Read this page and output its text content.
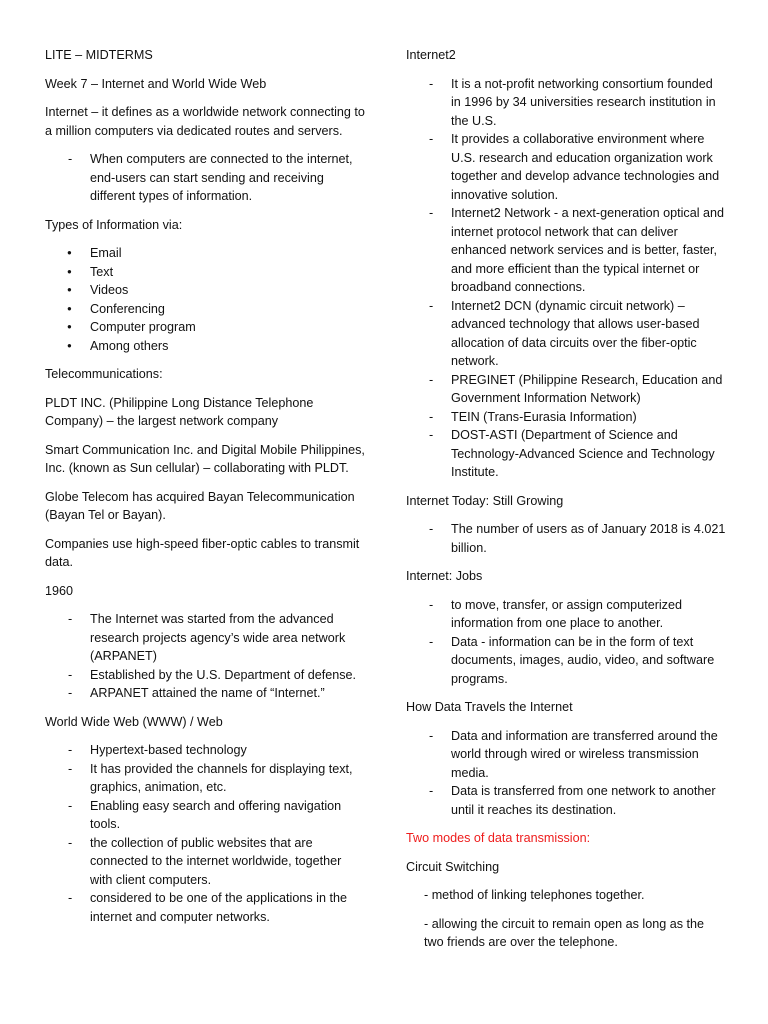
LITE – MIDTERMS

Week 7 – Internet and World Wide Web

Internet – it defines as a worldwide network connecting to a million computers via dedicated routes and servers.

- When computers are connected to the internet, end-users can start sending and receiving different types of information.

Types of Information via:

● Email
● Text
● Videos
● Conferencing
● Computer program
● Among others

Telecommunications:

PLDT INC. (Philippine Long Distance Telephone Company) – the largest network company

Smart Communication Inc. and Digital Mobile Philippines, Inc. (known as Sun cellular) – collaborating with PLDT.

Globe Telecom has acquired Bayan Telecommunication (Bayan Tel or Bayan).

Companies use high-speed fiber-optic cables to transmit data.

1960

- The Internet was started from the advanced research projects agency’s wide area network (ARPANET)
- Established by the U.S. Department of defense.
- ARPANET attained the name of “Internet.”

World Wide Web (WWW) / Web

- Hypertext-based technology
- It has provided the channels for displaying text, graphics, animation, etc.
- Enabling easy search and offering navigation tools.
- the collection of public websites that are connected to the internet worldwide, together with client computers.
- considered to be one of the applications in the internet and computer networks.

Internet2

- It is a not-profit networking consortium founded in 1996 by 34 universities research institution in the U.S.
- It provides a collaborative environment where U.S. research and education organization work together and develop advance technologies and innovative solution.
- Internet2 Network - a next-generation optical and internet protocol network that can deliver enhanced network services and is better, faster, and more efficient than the typical internet or broadband connections.
- Internet2 DCN (dynamic circuit network) – advanced technology that allows user-based allocation of data circuits over the fiber-optic network.
- PREGINET (Philippine Research, Education and Government Information Network)
- TEIN (Trans-Eurasia Information)
- DOST-ASTI (Department of Science and Technology-Advanced Science and Technology Institute.

Internet Today: Still Growing

- The number of users as of January 2018 is 4.021 billion.

Internet: Jobs

- to move, transfer, or assign computerized information from one place to another.
- Data - information can be in the form of text documents, images, audio, video, and software programs.

How Data Travels the Internet

- Data and information are transferred around the world through wired or wireless transmission media.
- Data is transferred from one network to another until it reaches its destination.

Two modes of data transmission:

Circuit Switching

- method of linking telephones together.

- allowing the circuit to remain open as long as the two friends are over the telephone.
